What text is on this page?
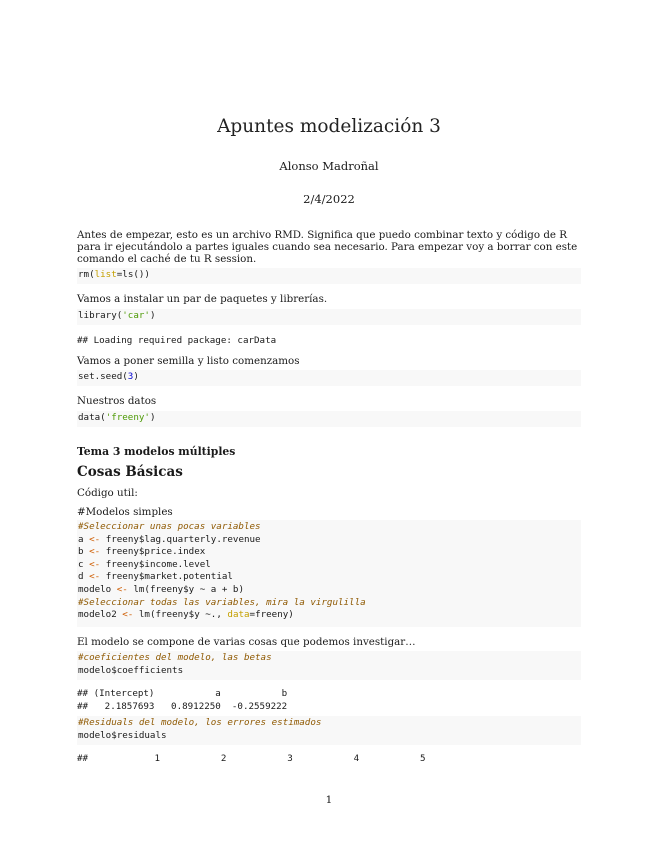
Apuntes modelización 3
Alonso Madroñal
2/4/2022
Antes de empezar, esto es un archivo RMD. Significa que puedo combinar texto y código de R para ir ejecutándolo a partes iguales cuando sea necesario. Para empezar voy a borrar con este comando el caché de tu R session.
rm(list=ls())
Vamos a instalar un par de paquetes y librerías.
library('car')
## Loading required package: carData
Vamos a poner semilla y listo comenzamos
set.seed(3)
Nuestros datos
data('freeny')
Tema 3 modelos múltiples
Cosas Básicas
Código util:
#Modelos simples
#Seleccionar unas pocas variables
a <- freeny$lag.quarterly.revenue
b <- freeny$price.index
c <- freeny$income.level
d <- freeny$market.potential
modelo <- lm(freeny$y ~ a + b)
#Seleccionar todas las variables, mira la virgulilla
modelo2 <- lm(freeny$y ~., data=freeny)
El modelo se compone de varias cosas que podemos investigar…
#coeficientes del modelo, las betas
modelo$coefficients
## (Intercept)           a           b
##   2.1857693   0.8912250  -0.2559222
#Residuals del modelo, los errores estimados
modelo$residuals
##            1           2           3           4           5
1
